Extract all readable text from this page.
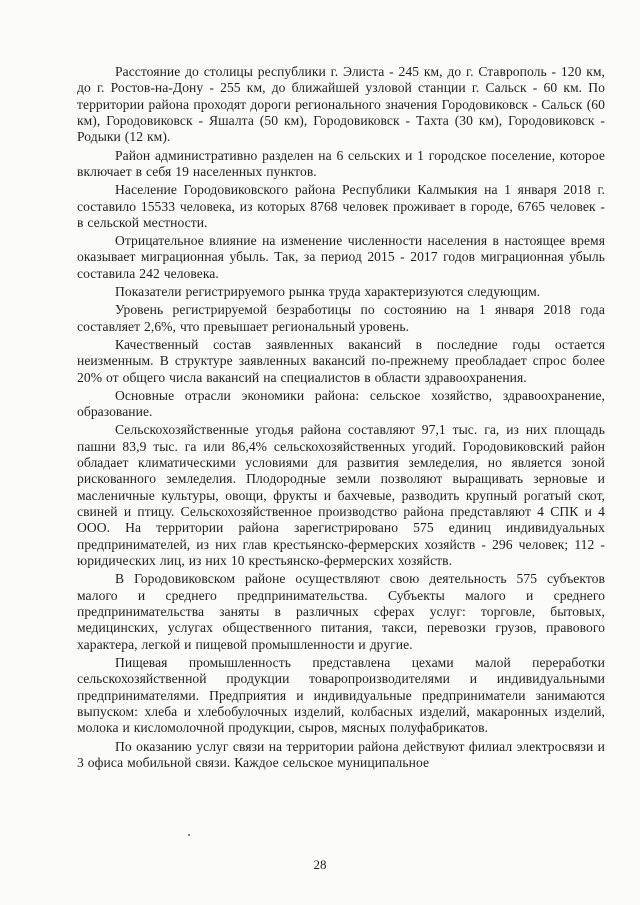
Расстояние до столицы республики г. Элиста - 245 км, до г. Ставрополь - 120 км, до г. Ростов-на-Дону - 255 км, до ближайшей узловой станции г. Сальск - 60 км. По территории района проходят дороги регионального значения Городовиковск - Сальск (60 км), Городовиковск - Яшалта (50 км), Городовиковск - Тахта (30 км), Городовиковск - Родыки (12 км).

Район административно разделен на 6 сельских и 1 городское поселение, которое включает в себя 19 населенных пунктов.

Население Городовиковского района Республики Калмыкия на 1 января 2018 г. составило 15533 человека, из которых 8768 человек проживает в городе, 6765 человек - в сельской местности.

Отрицательное влияние на изменение численности населения в настоящее время оказывает миграционная убыль. Так, за период 2015 - 2017 годов миграционная убыль составила 242 человека.

Показатели регистрируемого рынка труда характеризуются следующим.

Уровень регистрируемой безработицы по состоянию на 1 января 2018 года составляет 2,6%, что превышает региональный уровень.

Качественный состав заявленных вакансий в последние годы остается неизменным. В структуре заявленных вакансий по-прежнему преобладает спрос более 20% от общего числа вакансий на специалистов в области здравоохранения.

Основные отрасли экономики района: сельское хозяйство, здравоохранение, образование.

Сельскохозяйственные угодья района составляют 97,1 тыс. га, из них площадь пашни 83,9 тыс. га или 86,4% сельскохозяйственных угодий. Городовиковский район обладает климатическими условиями для развития земледелия, но является зоной рискованного земледелия. Плодородные земли позволяют выращивать зерновые и масленичные культуры, овощи, фрукты и бахчевые, разводить крупный рогатый скот, свиней и птицу. Сельскохозяйственное производство района представляют 4 СПК и 4 ООО. На территории района зарегистрировано 575 единиц индивидуальных предпринимателей, из них глав крестьянско-фермерских хозяйств - 296 человек; 112 - юридических лиц, из них 10 крестьянско-фермерских хозяйств.

В Городовиковском районе осуществляют свою деятельность 575 субъектов малого и среднего предпринимательства. Субъекты малого и среднего предпринимательства заняты в различных сферах услуг: торговле, бытовых, медицинских, услугах общественного питания, такси, перевозки грузов, правового характера, легкой и пищевой промышленности и другие.

Пищевая промышленность представлена цехами малой переработки сельскохозяйственной продукции товаропроизводителями и индивидуальными предпринимателями. Предприятия и индивидуальные предприниматели занимаются выпуском: хлеба и хлебобулочных изделий, колбасных изделий, макаронных изделий, молока и кисломолочной продукции, сыров, мясных полуфабрикатов.

По оказанию услуг связи на территории района действуют филиал электросвязи и 3 офиса мобильной связи. Каждое сельское муниципальное

28
